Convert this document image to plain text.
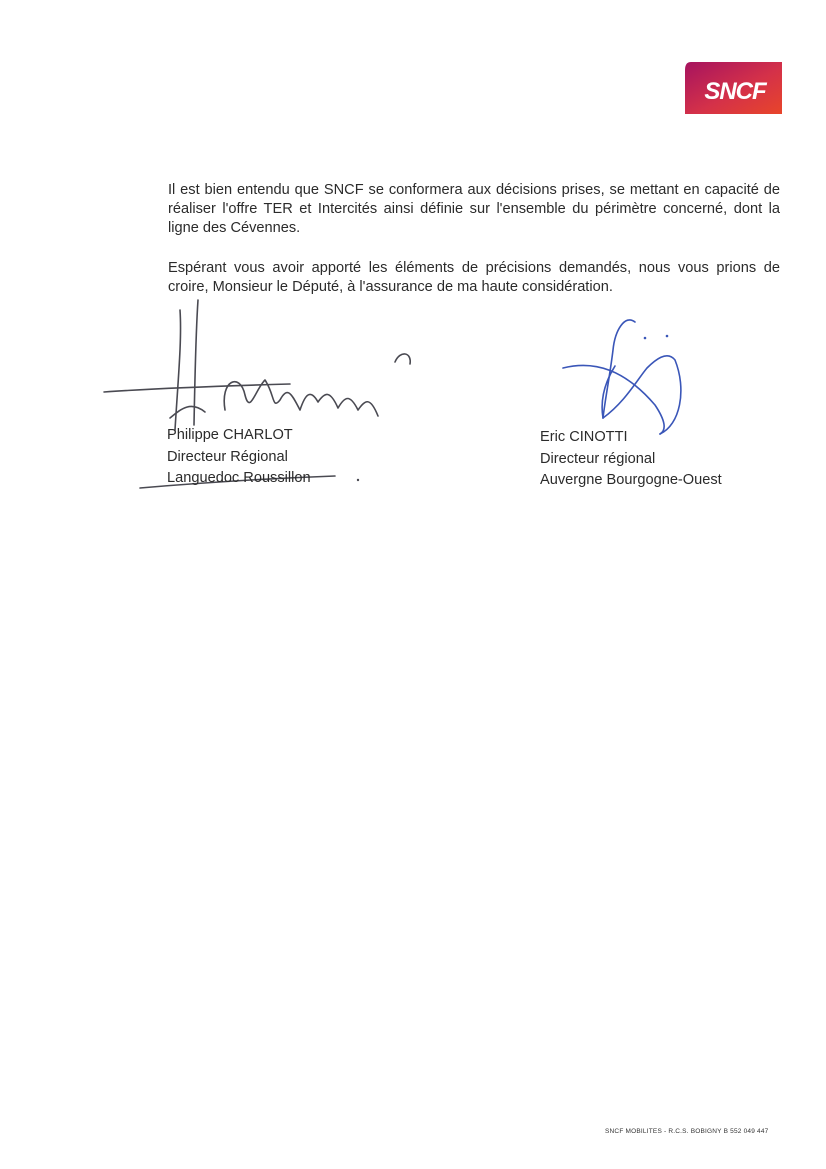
SNCF

Il est bien entendu que SNCF se conformera aux décisions prises, se mettant en capacité de réaliser l'offre TER et Intercités ainsi définie sur l'ensemble du périmètre concerné, dont la ligne des Cévennes.

Espérant vous avoir apporté les éléments de précisions demandés, nous vous prions de croire, Monsieur le Député, à l'assurance de ma haute considération.

Philippe CHARLOT
Directeur Régional
Languedoc Roussillon
Eric CINOTTI
Directeur régional
Auvergne Bourgogne-Ouest
SNCF MOBILITES - R.C.S. BOBIGNY B 552 049 447
